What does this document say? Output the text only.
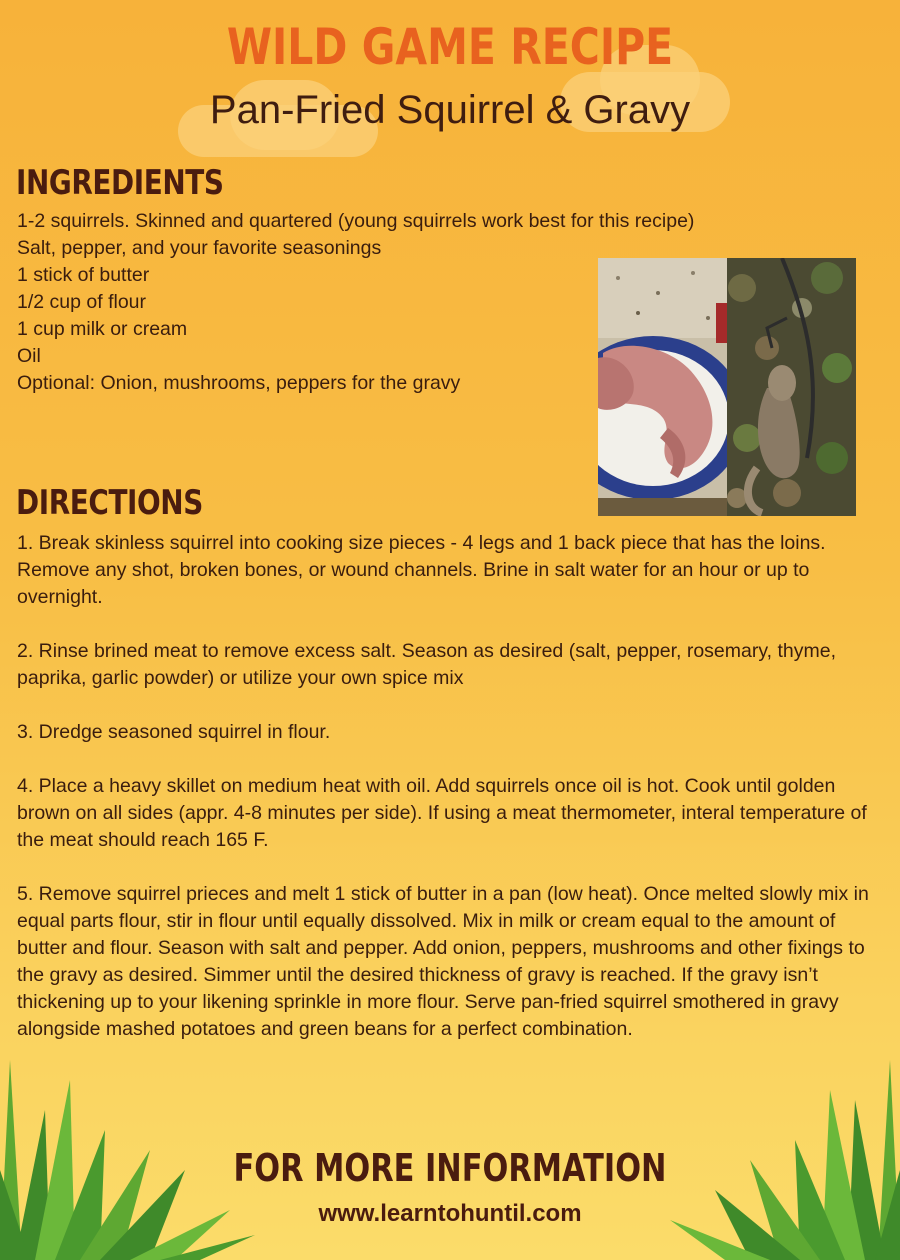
WILD GAME RECIPE
Pan-Fried Squirrel & Gravy
INGREDIENTS
1-2 squirrels. Skinned and quartered (young squirrels work best for this recipe)
Salt, pepper, and your favorite seasonings
1 stick of butter
1/2 cup of flour
1 cup milk or cream
Oil
Optional: Onion, mushrooms, peppers for the gravy
DIRECTIONS

1. Break skinless squirrel into cooking size pieces - 4 legs and 1 back piece that has the loins. Remove any shot, broken bones, or wound channels. Brine in salt water for an hour or up to overnight.

2. Rinse brined meat to remove excess salt. Season as desired (salt, pepper, rosemary, thyme, paprika, garlic powder) or utilize your own spice mix

3. Dredge seasoned squirrel in flour.

4. Place a heavy skillet on medium heat with oil. Add squirrels once oil is hot. Cook until golden brown on all sides (appr. 4-8 minutes per side). If using a meat thermometer, interal temperature of the meat should reach 165 F.

5. Remove squirrel prieces and melt 1 stick of butter in a pan (low heat). Once melted slowly mix in equal parts flour, stir in flour until equally dissolved. Mix in milk or cream equal to the amount of butter and flour. Season with salt and pepper. Add onion, peppers, mushrooms and other fixings to the gravy as desired. Simmer until the desired thickness of gravy is reached. If the gravy isn’t thickening up to your likening sprinkle in more flour. Serve pan-fried squirrel smothered in gravy alongside mashed potatoes and green beans for a perfect combination.

FOR MORE INFORMATION
www.learntohuntil.com
